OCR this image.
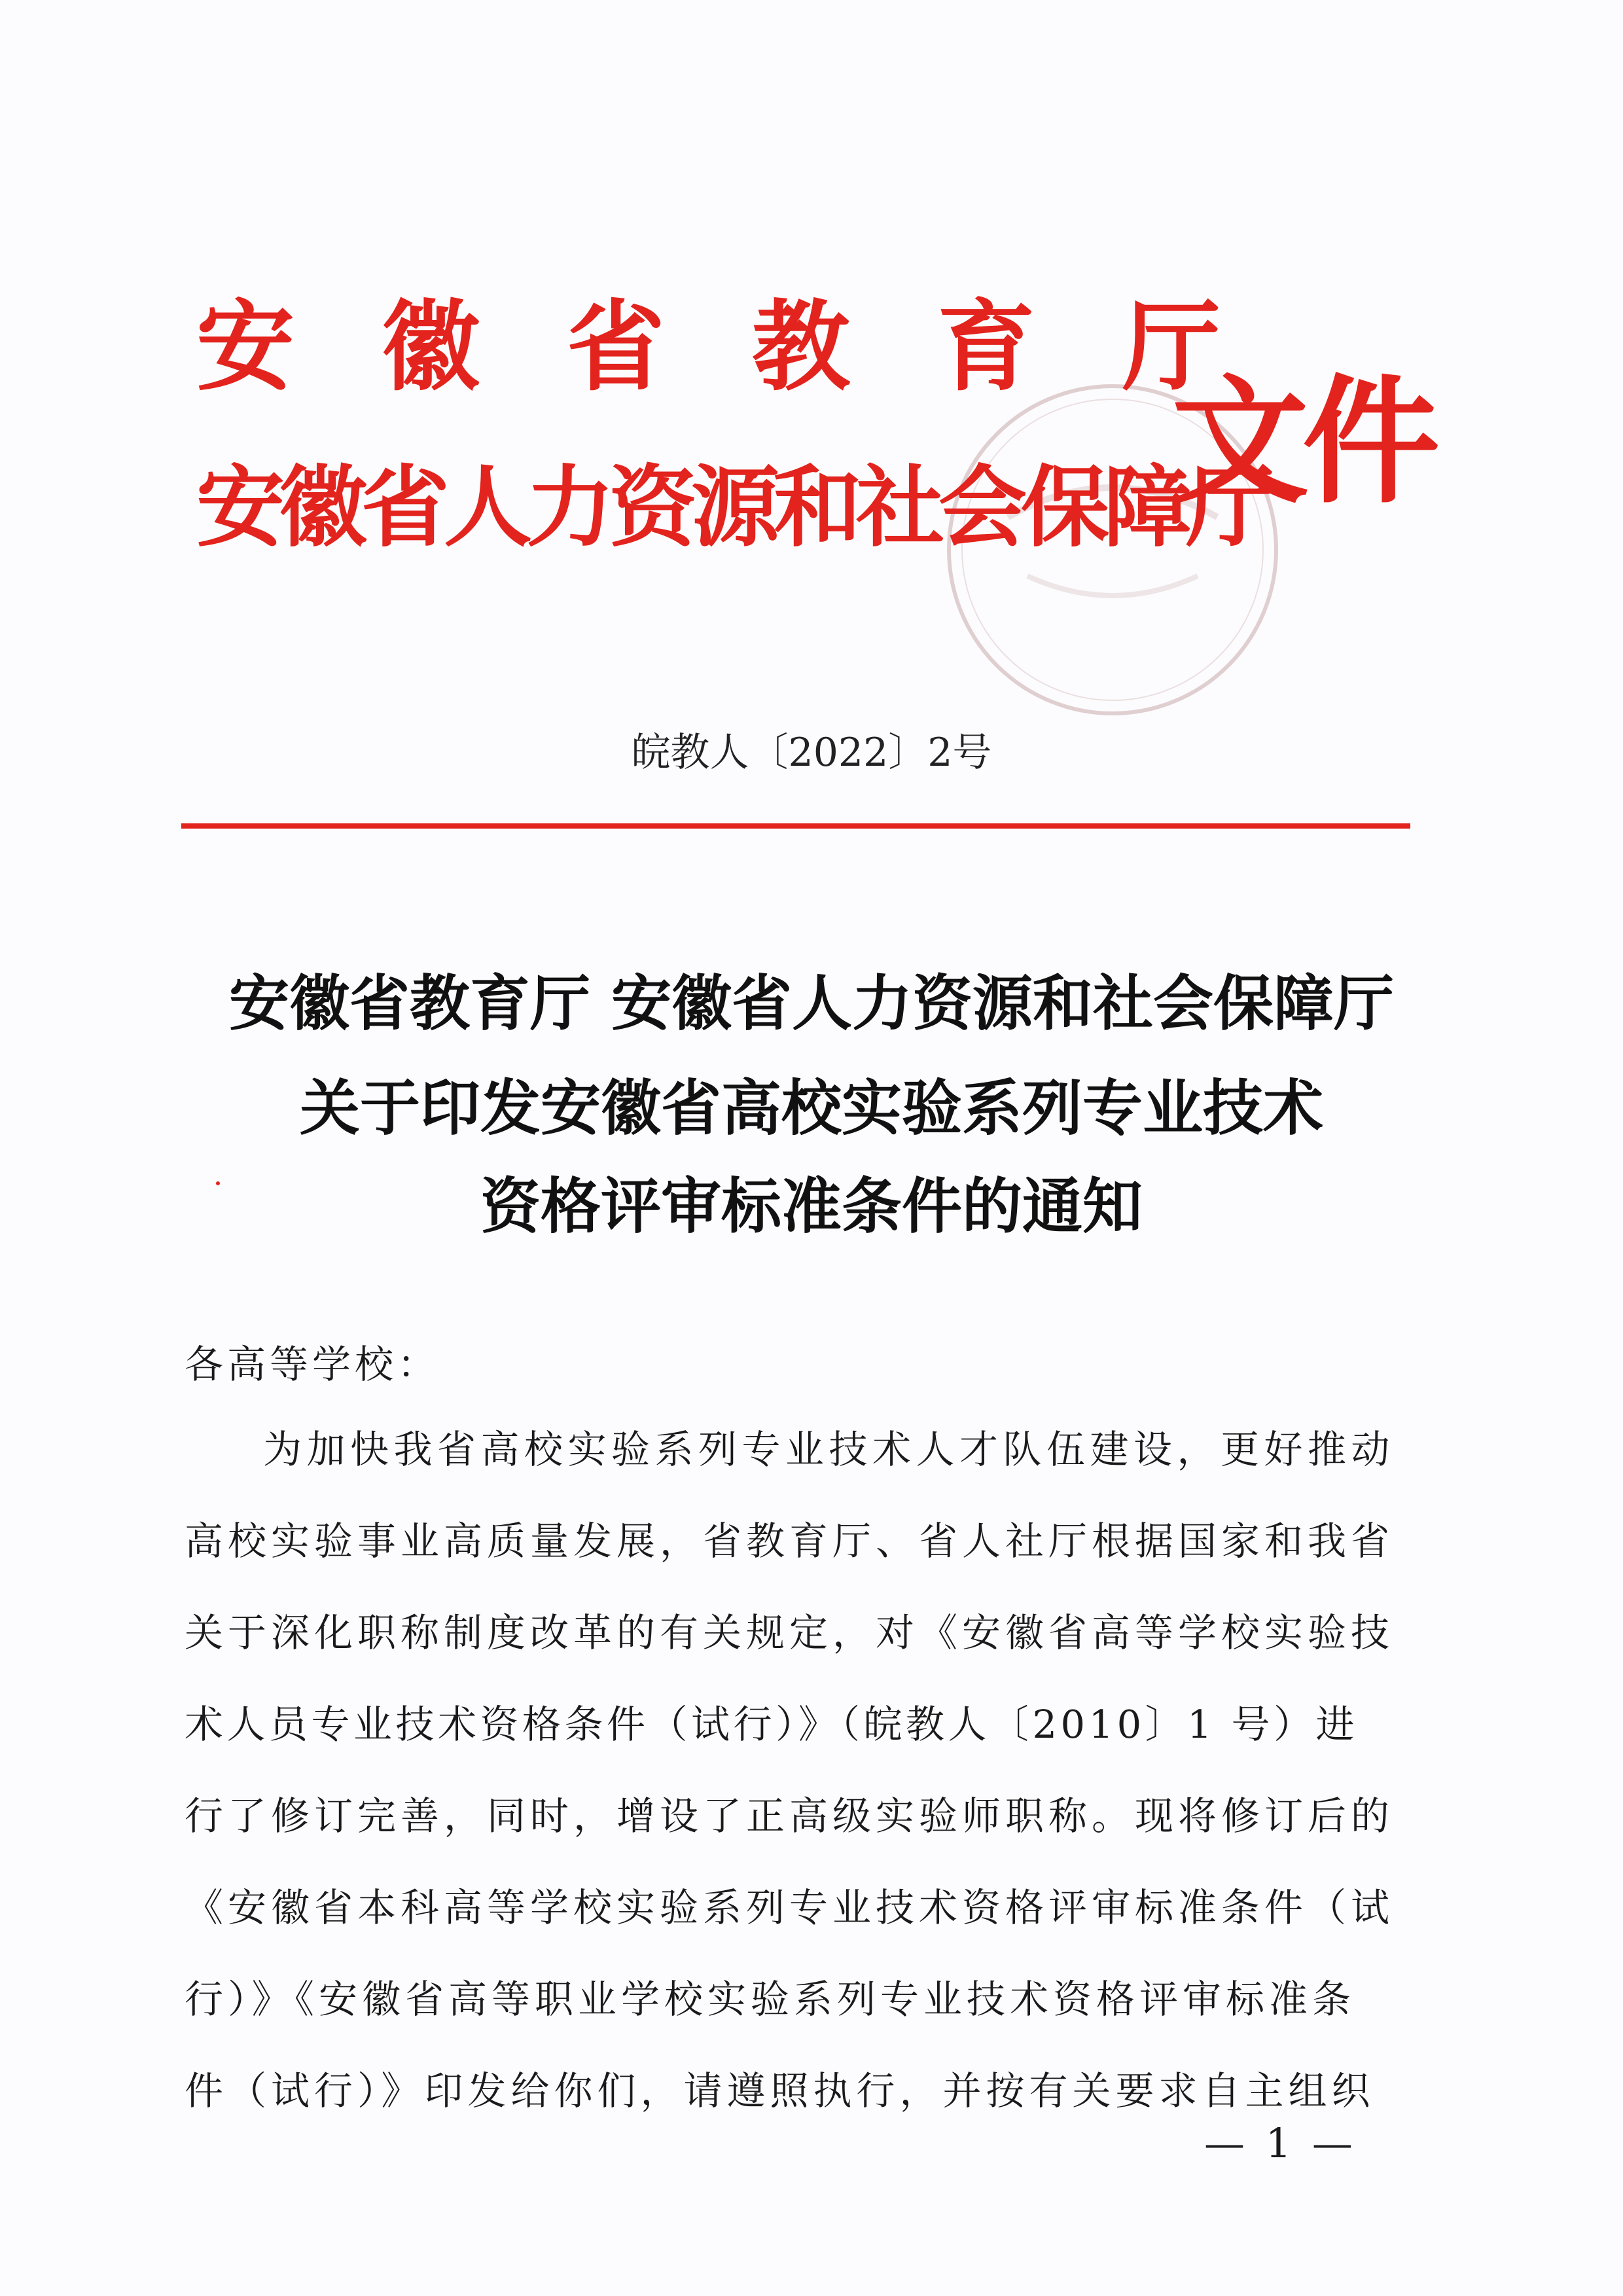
安徽省教育厅
安徽省人力资源和社会保障厅
文件
皖教人〔2022〕2号
安徽省教育厅 安徽省人力资源和社会保障厅
关于印发安徽省高校实验系列专业技术
资格评审标准条件的通知
各高等学校：
为加快我省高校实验系列专业技术人才队伍建设，更好推动
高校实验事业高质量发展，省教育厅、省人社厅根据国家和我省
关于深化职称制度改革的有关规定，对《安徽省高等学校实验技
术人员专业技术资格条件（试行）》（皖教人〔2010〕1 号）进
行了修订完善，同时，增设了正高级实验师职称。现将修订后的
《安徽省本科高等学校实验系列专业技术资格评审标准条件（试
行）》《安徽省高等职业学校实验系列专业技术资格评审标准条
件（试行）》印发给你们，请遵照执行，并按有关要求自主组织
— 1 —
